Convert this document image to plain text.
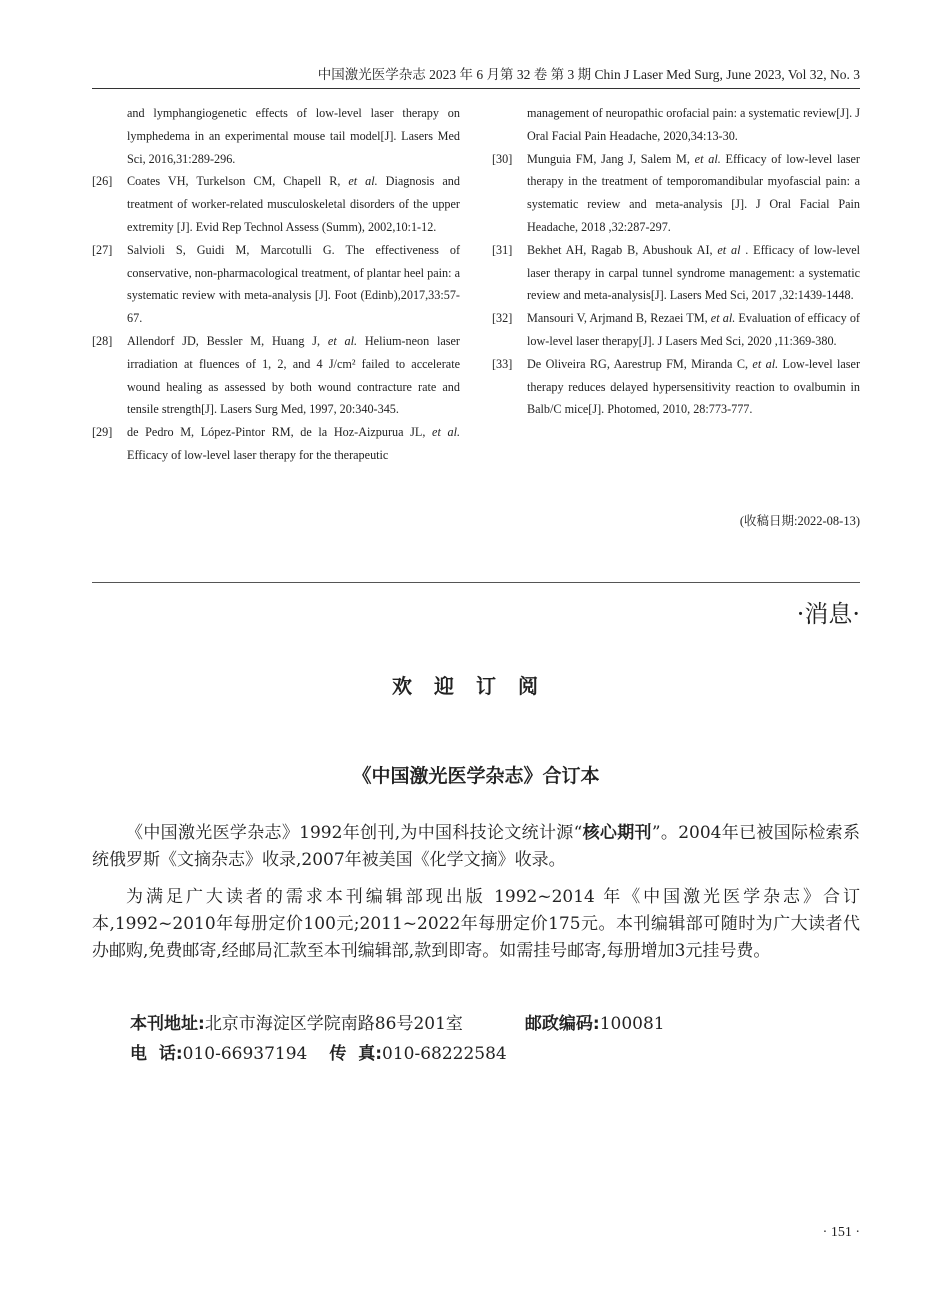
中国激光医学杂志 2023 年 6 月第 32 卷 第 3 期 Chin J Laser Med Surg, June 2023, Vol 32, No. 3
and lymphangiogenetic effects of low-level laser therapy on lymphedema in an experimental mouse tail model[J]. Lasers Med Sci, 2016,31:289-296.
[26] Coates VH, Turkelson CM, Chapell R, et al. Diagnosis and treatment of worker-related musculoskeletal disorders of the upper extremity [J]. Evid Rep Technol Assess (Summ), 2002,10:1-12.
[27] Salvioli S, Guidi M, Marcotulli G. The effectiveness of conservative, non-pharmacological treatment, of plantar heel pain: a systematic review with meta-analysis [J]. Foot (Edinb),2017,33:57-67.
[28] Allendorf JD, Bessler M, Huang J, et al. Helium-neon laser irradiation at fluences of 1, 2, and 4 J/cm² failed to accelerate wound healing as assessed by both wound contracture rate and tensile strength[J]. Lasers Surg Med, 1997, 20:340-345.
[29] de Pedro M, López-Pintor RM, de la Hoz-Aizpurua JL, et al. Efficacy of low-level laser therapy for the therapeutic
management of neuropathic orofacial pain: a systematic review[J]. J Oral Facial Pain Headache, 2020,34:13-30.
[30] Munguia FM, Jang J, Salem M, et al. Efficacy of low-level laser therapy in the treatment of temporomandibular myofascial pain: a systematic review and meta-analysis [J]. J Oral Facial Pain Headache, 2018 ,32:287-297.
[31] Bekhet AH, Ragab B, Abushouk AI, et al . Efficacy of low-level laser therapy in carpal tunnel syndrome management: a systematic review and meta-analysis[J]. Lasers Med Sci, 2017 ,32:1439-1448.
[32] Mansouri V, Arjmand B, Rezaei TM, et al. Evaluation of efficacy of low-level laser therapy[J]. J Lasers Med Sci, 2020 ,11:369-380.
[33] De Oliveira RG, Aarestrup FM, Miranda C, et al. Low-level laser therapy reduces delayed hypersensitivity reaction to ovalbumin in Balb/C mice[J]. Photomed, 2010, 28:773-777.
(收稿日期:2022-08-13)
·消息·
欢迎订阅
《中国激光医学杂志》合订本
《中国激光医学杂志》1992年创刊,为中国科技论文统计源“核心期刊”。2004年已被国际检索系统俄罗斯《文摘杂志》收录,2007年被美国《化学文摘》收录。
为满足广大读者的需求本刊编辑部现出版 1992~2014 年《中国激光医学杂志》合订本,1992~2010年每册定价100元;2011~2022年每册定价175元。本刊编辑部可随时为广大读者代办邮购,免费邮寄,经邮局汇款至本刊编辑部,款到即寄。如需挂号邮寄,每册增加3元挂号费。
本刊地址:北京市海淀区学院南路86号201室	邮政编码:100081
电  话:010-66937194 传  真:010-68222584
· 151 ·
